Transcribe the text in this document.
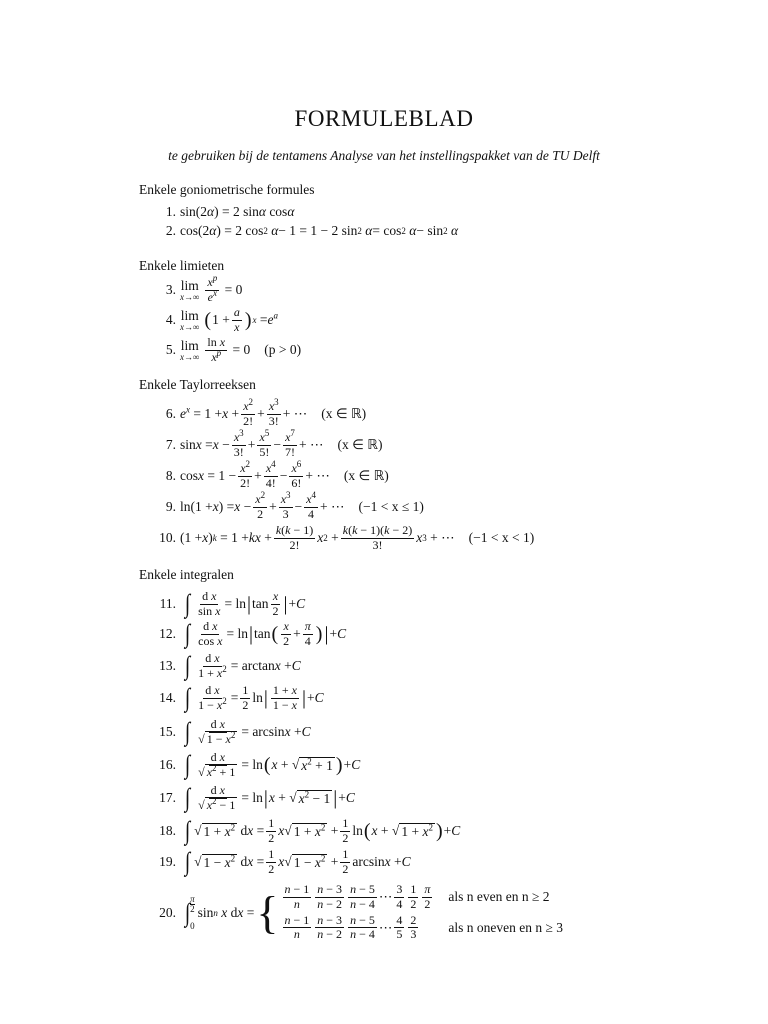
FORMULEBLAD
te gebruiken bij de tentamens Analyse van het instellingspakket van de TU Delft
Enkele goniometrische formules
1. sin(2 α ) = 2 sin α cos α
2. cos(2 α ) = 2 cos 2
α − 1 = 1 − 2 sin 2
α = cos 2
α − sin 2
α
Enkele limieten
3. lim
$x\to\infty \frac{x^p}{e^x} = 0$
4. lim
x→∞ ( $1 + \frac{a}{x}$ ) $x = e^a$
5. lim
$x\to\infty \frac{\text{ln x}}{x^p} = 0$ (p > 0)
Enkele Taylorreeksen
6. $e^x = 1 + x + \frac{x^2}{2!} + \frac{x^3}{3!}$ + ⋯ (x ∈ ℝ)
7. $\sin x = x - \frac{x^3}{3!} + \frac{x^5}{5!} - \frac{x^7}{7!}$ + ⋯ (x ∈ ℝ)
8. $\cos x = 1 - \frac{x^2}{2!} + \frac{x^4}{4!} - \frac{x^6}{6!}$ + ⋯ (x ∈ ℝ)
9. ln(1 + x ) = $x - \frac{x^2}{2} + \frac{x^3}{3} - \frac{x^4}{4}$ + ⋯ (−1 < x ≤ 1)
10. (1 + x ) k = 1 + kx + $\frac{k(k - 1)}{2!}$ x $2 + \frac{k(k - 1)(k - 2)}{3!}$ x 3 + ⋯ (−1 < x < 1)
Enkele integralen
11. ∫ $\frac{\text{d x}}{\text{sin x}} = \ln$ | $\tan \frac{x}{2}$ | + C
12. ∫ $\frac{\text{d x}}{\text{cos x}} = \ln$ | tan ( $\frac{x}{2} + \frac{\pi}{4}$ ) | + C
13. ∫ $\frac{\text{d x}}{1 + x^2} = \arctan x + C$
14. ∫ $\frac{\text{d x}}{1 - x^2} = \frac{1}{2}$ ln | $\frac{1 + x}{1 - x}$ | + C
15. ∫ $\frac{\text{d x}}{√ 1 - x^2} = \arcsin x + C$
16. ∫ $\frac{\text{d x}}{√ x^2 + 1} = \ln$ ( x + √ $x^2 + 1$ ) + C
17. ∫ $\frac{\text{d x}}{√ x^2 - 1} = \ln$ | x + √ $x^2 - 1$ | + C
18. ∫ √ $1 + x^2$ d $x = \frac{1}{2}$ x √ $1 + x^2 + \frac{1}{2}$ ln ( x + √ $1 + x^2$ ) + C
19. ∫ √ $1 - x^2$ d $x = \frac{1}{2}$ x √ $1 - x^2 + \frac{1}{2}$ arcsin x + C
20. ∫ π
2
0
sin n
x d x = { $\frac{n - 1}{n} \frac{n - 3}{n - 2} \frac{n - 5}{n - 4}$ ⋯ $\frac{3}{4} \frac{1}{2} \frac{\pi}{2}$ als n even en n ≥ 2
$\frac{n - 1}{n} \frac{n - 3}{n - 2} \frac{n - 5}{n - 4}$ ⋯ $\frac{4}{5} \frac{2}{3}$ als n oneven en n ≥ 3
